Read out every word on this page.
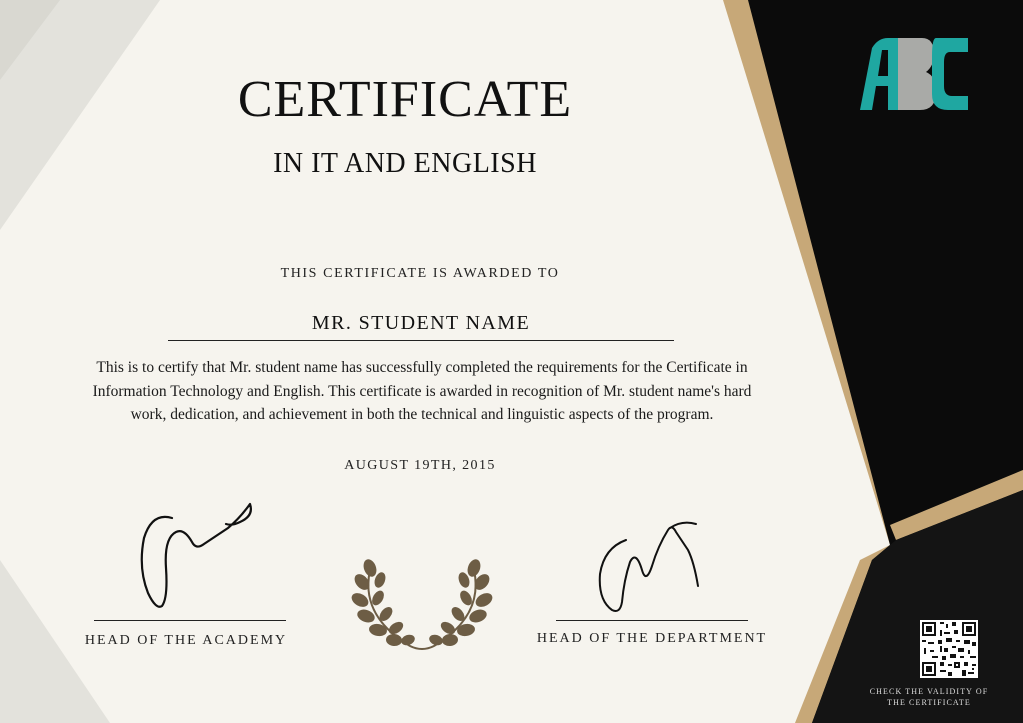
CERTIFICATE
IN IT AND ENGLISH
THIS CERTIFICATE IS AWARDED TO
MR. STUDENT NAME
This is to certify that Mr. student name has successfully completed the requirements for the Certificate in Information Technology and English. This certificate is awarded in recognition of Mr. student name's hard work, dedication, and achievement in both the technical and linguistic aspects of the program.
AUGUST 19TH, 2015
HEAD OF THE ACADEMY	HEAD OF THE DEPARTMENT
CHECK THE VALIDITY OF THE CERTIFICATE
